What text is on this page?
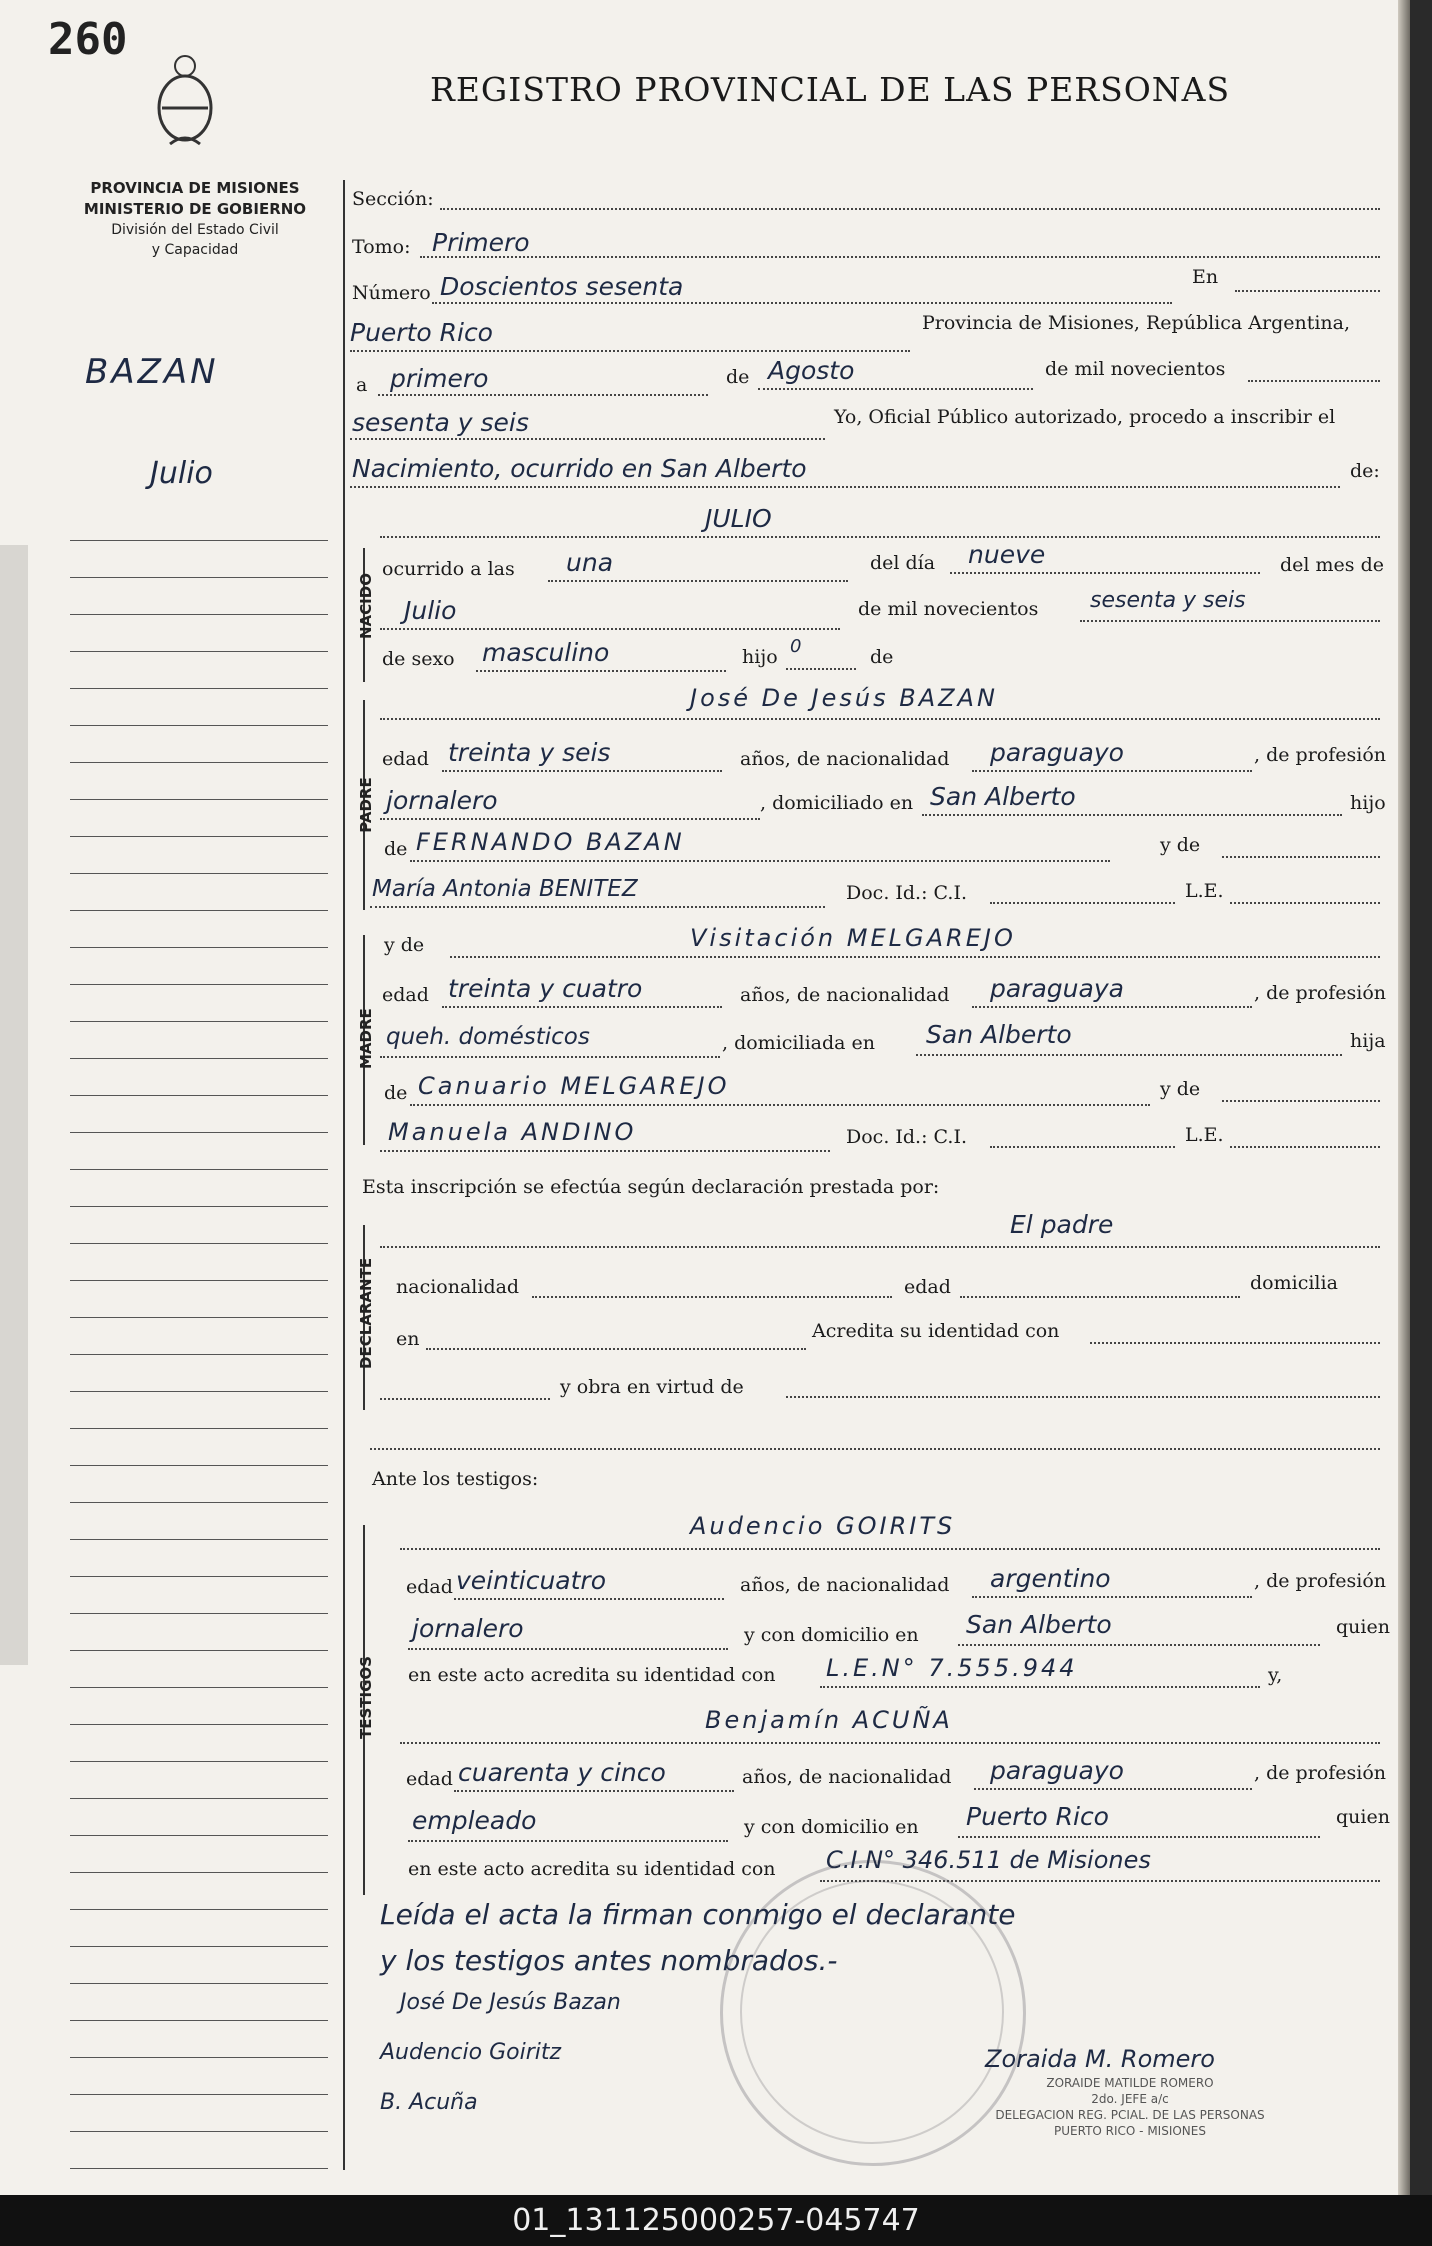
260
REGISTRO PROVINCIAL DE LAS PERSONAS
PROVINCIA DE MISIONES
MINISTERIO DE GOBIERNO
División del Estado Civil
y Capacidad
BAZAN
Julio
Sección:
Tomo: Primero
Número Doscientos sesenta	En
Puerto Rico	Provincia de Misiones, República Argentina,
a primero	de Agosto	de mil novecientos
sesenta y seis	Yo, Oficial Público autorizado, procedo a inscribir el
Nacimiento, ocurrido en San Alberto	de:
NACIDO
JULIO
ocurrido a las una	del día nueve	del mes de
Julio	de mil novecientos sesenta y seis
de sexo masculino	hijo 0	de
PADRE
José De Jesús BAZAN
edad treinta y seis	años, de nacionalidad paraguayo	, de profesión
jornalero	, domiciliado en San Alberto	hijo
de FERNANDO BAZAN	y de
María Antonia BENITEZ	Doc. Id.: C.I.	L.E.
MADRE
y de	Visitación MELGAREJO
edad treinta y cuatro	años, de nacionalidad paraguaya	, de profesión
queh. domésticos	, domiciliada en San Alberto	hija
de Canuario MELGAREJO	y de
Manuela ANDINO	Doc. Id.: C.I.	L.E.
Esta inscripción se efectúa según declaración prestada por:
DECLARANTE
El padre
nacionalidad	edad	domicilia
en	Acredita su identidad con
y obra en virtud de
Ante los testigos:
TESTIGOS
Audencio GOIRITS
edad veinticuatro	años, de nacionalidad argentino	, de profesión
jornalero	y con domicilio en San Alberto	quien
en este acto acredita su identidad con L.E.N° 7.555.944	y,
Benjamín ACUÑA
edad cuarenta y cinco	años, de nacionalidad paraguayo	, de profesión
empleado	y con domicilio en Puerto Rico	quien
en este acto acredita su identidad con C.I.N° 346.511 de Misiones
Leída el acta la firman conmigo el declarante
y los testigos antes nombrados.-
José De Jesús Bazan
Audencio Goiritz
B. Acuña
Zoraida M. Romero
ZORAIDE MATILDE ROMERO
2do. JEFE a/c
DELEGACION REG. PCIAL. DE LAS PERSONAS
PUERTO RICO - MISIONES
01_131125000257-045747
